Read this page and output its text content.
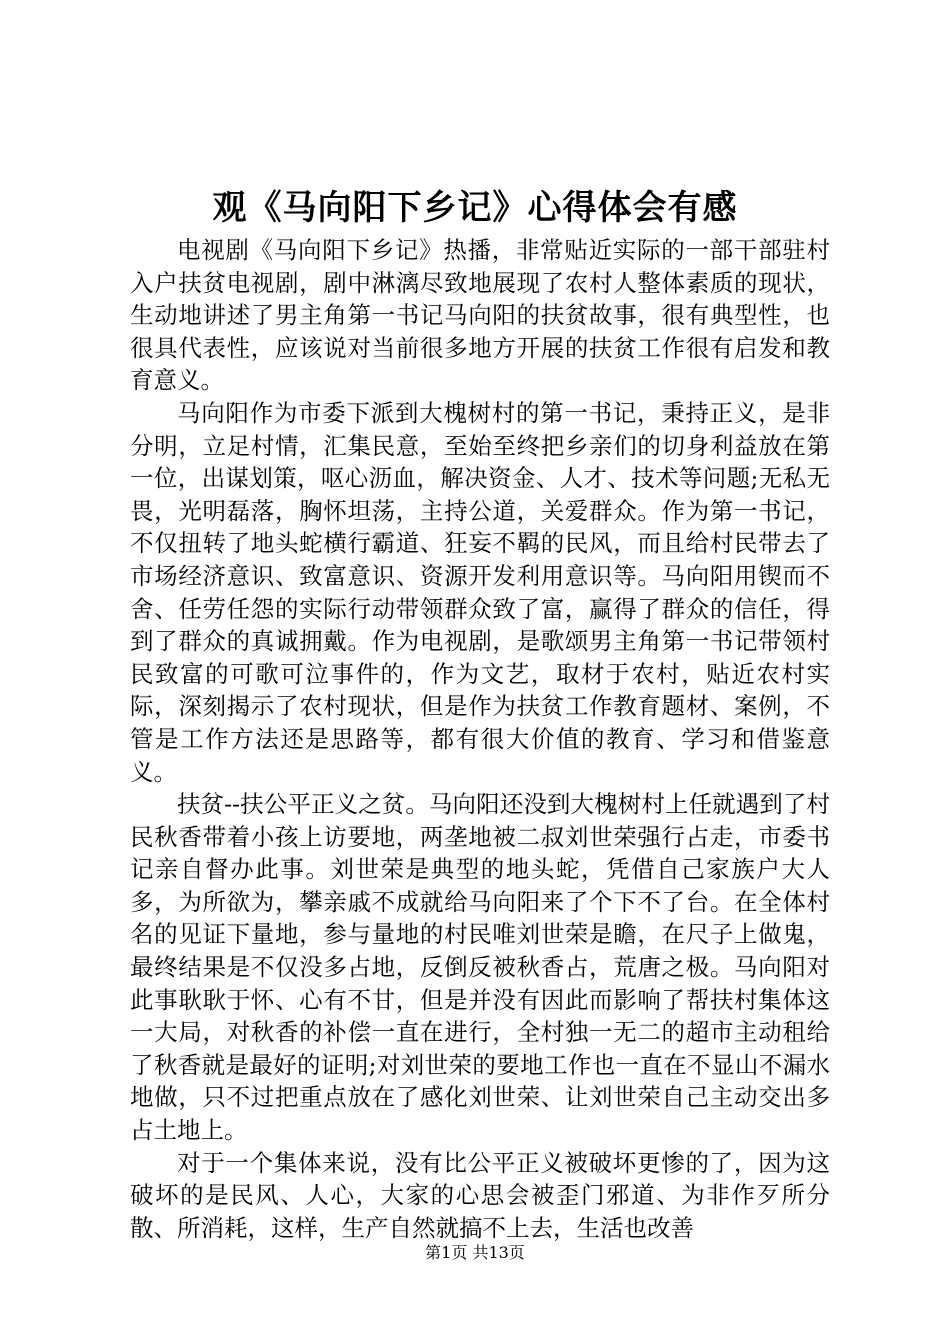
观《马向阳下乡记》心得体会有感

电视剧《马向阳下乡记》热播，非常贴近实际的一部干部驻村入户扶贫电视剧，剧中淋漓尽致地展现了农村人整体素质的现状，生动地讲述了男主角第一书记马向阳的扶贫故事，很有典型性，也很具代表性，应该说对当前很多地方开展的扶贫工作很有启发和教育意义。

马向阳作为市委下派到大槐树村的第一书记，秉持正义，是非分明，立足村情，汇集民意，至始至终把乡亲们的切身利益放在第一位，出谋划策，呕心沥血，解决资金、人才、技术等问题;无私无畏，光明磊落，胸怀坦荡，主持公道，关爱群众。作为第一书记，不仅扭转了地头蛇横行霸道、狂妄不羁的民风，而且给村民带去了市场经济意识、致富意识、资源开发利用意识等。马向阳用锲而不舍、任劳任怨的实际行动带领群众致了富，赢得了群众的信任，得到了群众的真诚拥戴。作为电视剧，是歌颂男主角第一书记带领村民致富的可歌可泣事件的，作为文艺，取材于农村，贴近农村实际，深刻揭示了农村现状，但是作为扶贫工作教育题材、案例，不管是工作方法还是思路等，都有很大价值的教育、学习和借鉴意义。

扶贫--扶公平正义之贫。马向阳还没到大槐树村上任就遇到了村民秋香带着小孩上访要地，两垄地被二叔刘世荣强行占走，市委书记亲自督办此事。刘世荣是典型的地头蛇，凭借自己家族户大人多，为所欲为，攀亲戚不成就给马向阳来了个下不了台。在全体村名的见证下量地，参与量地的村民唯刘世荣是瞻，在尺子上做鬼，最终结果是不仅没多占地，反倒反被秋香占，荒唐之极。马向阳对此事耿耿于怀、心有不甘，但是并没有因此而影响了帮扶村集体这一大局，对秋香的补偿一直在进行，全村独一无二的超市主动租给了秋香就是最好的证明;对刘世荣的要地工作也一直在不显山不漏水地做，只不过把重点放在了感化刘世荣、让刘世荣自己主动交出多占土地上。

对于一个集体来说，没有比公平正义被破坏更惨的了，因为这破坏的是民风、人心，大家的心思会被歪门邪道、为非作歹所分散、所消耗，这样，生产自然就搞不上去，生活也改善

第1页 共13页
